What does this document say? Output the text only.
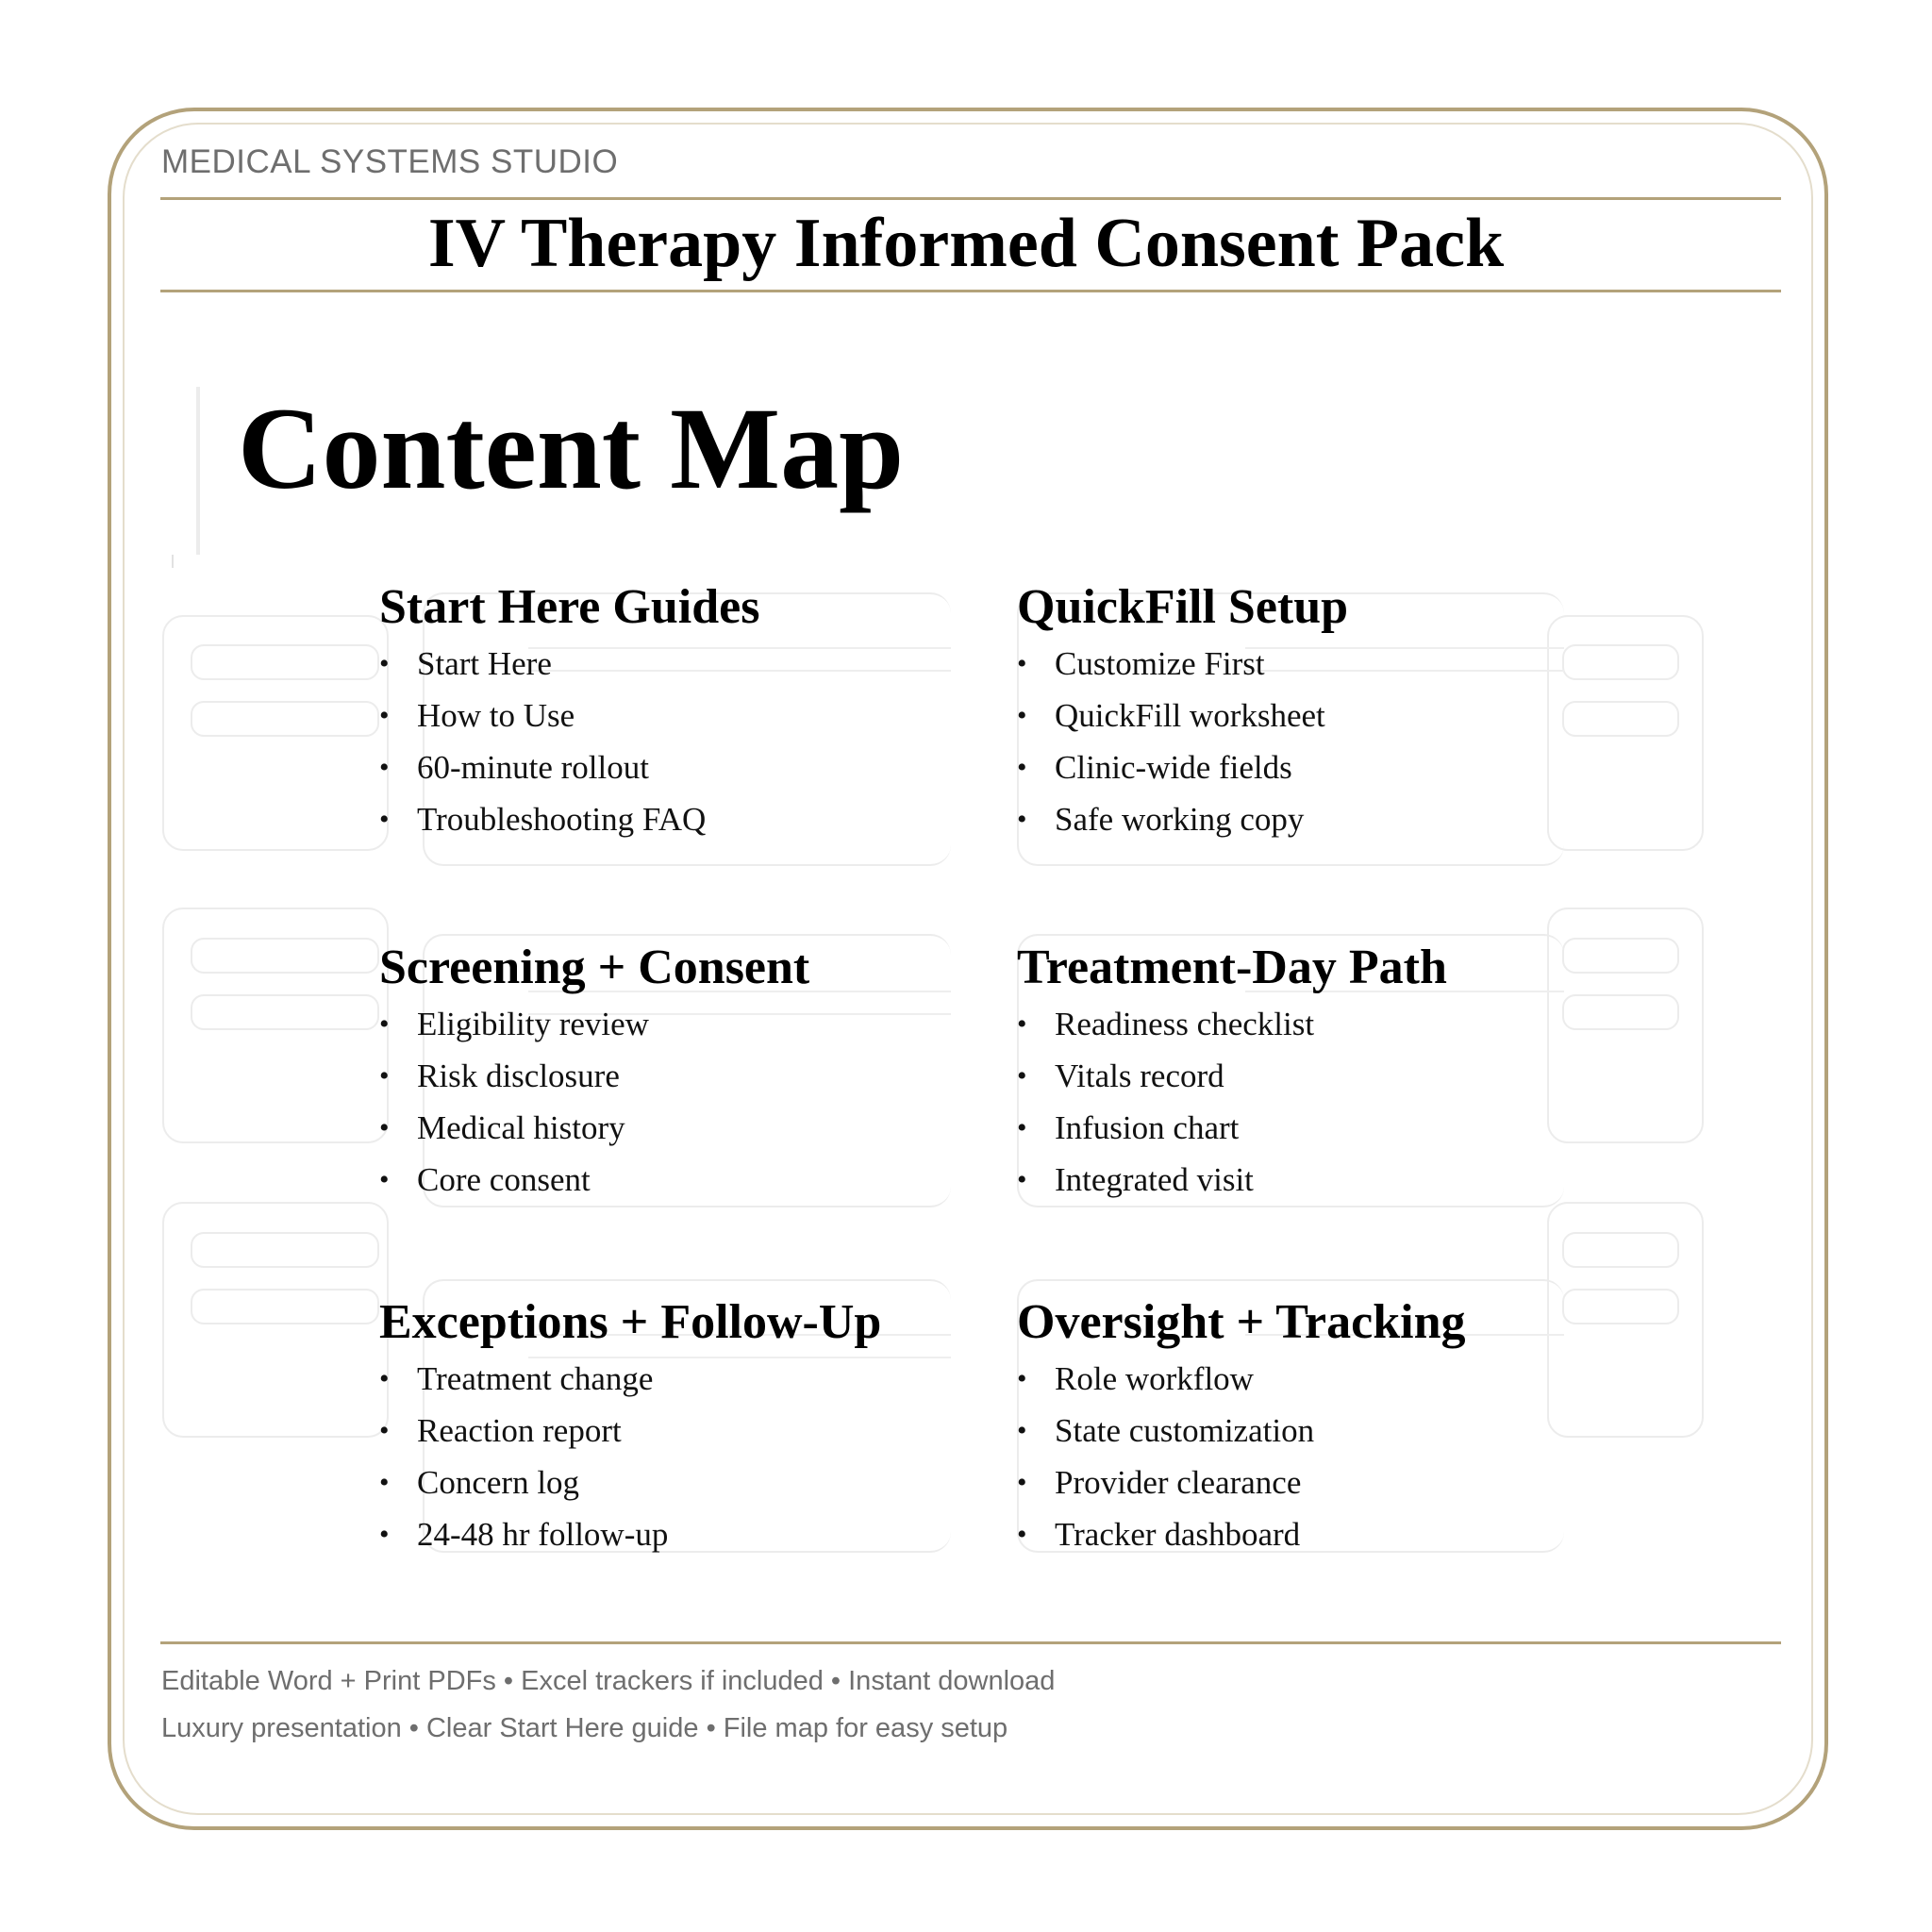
MEDICAL SYSTEMS STUDIO
IV Therapy Informed Consent Pack
Content Map
Start Here Guides
• Start Here
• How to Use
• 60-minute rollout
• Troubleshooting FAQ
QuickFill Setup
• Customize First
• QuickFill worksheet
• Clinic-wide fields
• Safe working copy
Screening + Consent
• Eligibility review
• Risk disclosure
• Medical history
• Core consent
Treatment-Day Path
• Readiness checklist
• Vitals record
• Infusion chart
• Integrated visit
Exceptions + Follow-Up
• Treatment change
• Reaction report
• Concern log
• 24-48 hr follow-up
Oversight + Tracking
• Role workflow
• State customization
• Provider clearance
• Tracker dashboard
Editable Word + Print PDFs • Excel trackers if included • Instant download
Luxury presentation • Clear Start Here guide • File map for easy setup
